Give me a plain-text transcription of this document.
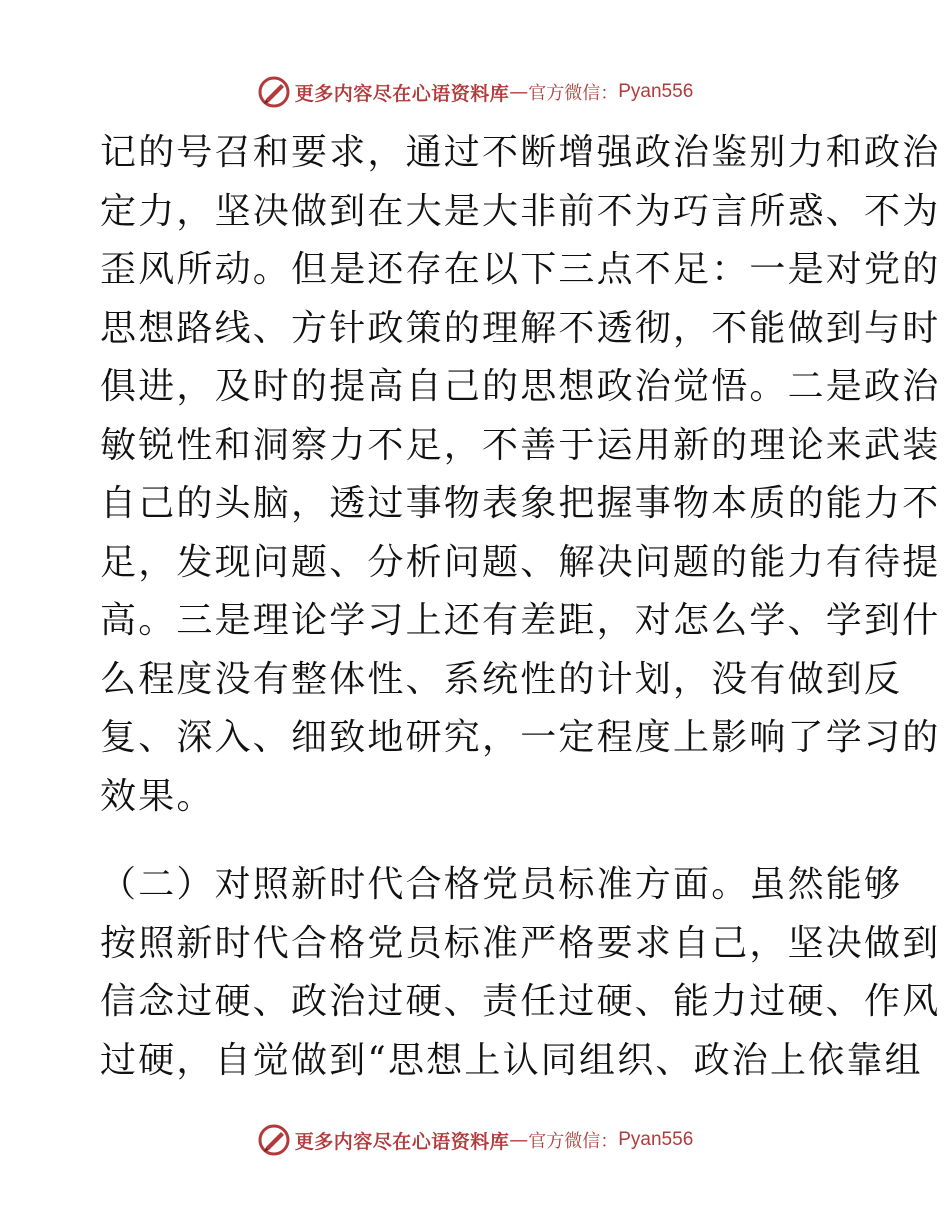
更多内容尽在心语资料库 — 官方微信： Pyan556
记的号召和要求，通过不断增强政治鉴别力和政治
定力，坚决做到在大是大非前不为巧言所惑、不为
歪风所动。但是还存在以下三点不足：一是对党的
思想路线、方针政策的理解不透彻，不能做到与时
俱进，及时的提高自己的思想政治觉悟。二是政治
敏锐性和洞察力不足，不善于运用新的理论来武装
自己的头脑，透过事物表象把握事物本质的能力不
足，发现问题、分析问题、解决问题的能力有待提
高。三是理论学习上还有差距，对怎么学、学到什
么程度没有整体性、系统性的计划，没有做到反
复、深入、细致地研究，一定程度上影响了学习的
效果。
（二）对照新时代合格党员标准方面。虽然能够
按照新时代合格党员标准严格要求自己，坚决做到
信念过硬、政治过硬、责任过硬、能力过硬、作风
过硬，自觉做到“思想上认同组织、政治上依靠组
更多内容尽在心语资料库 — 官方微信： Pyan556
